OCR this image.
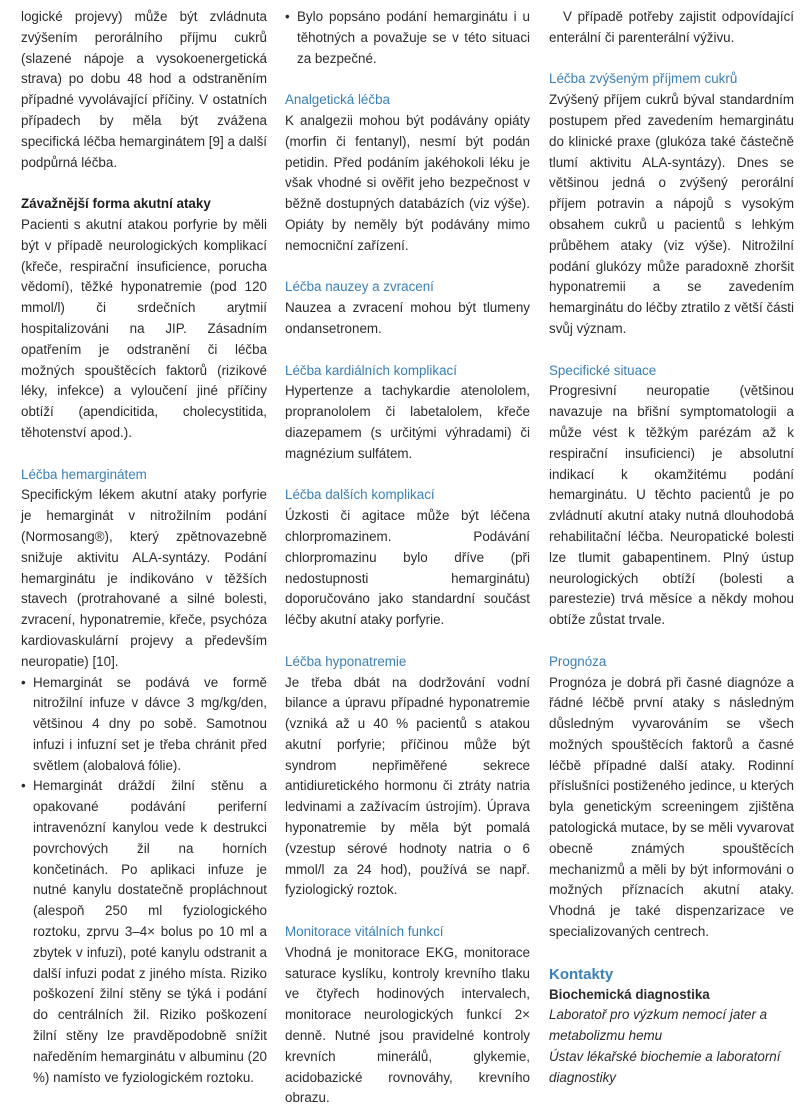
logické projevy) může být zvládnuta zvýšením perorálního příjmu cukrů (slazené nápoje a vysokoenergetická strava) po dobu 48 hod a odstraněním případné vyvolávající příčiny. V ostatních případech by měla být zvážena specifická léčba hemarginátem [9] a další podpůrná léčba.

Závažnější forma akutní ataky

Pacienti s akutní atakou porfyrie by měli být v případě neurologických komplikací (křeče, respirační insuficience, porucha vědomí), těžké hyponatremie (pod 120 mmol/l) či srdečních arytmií hospitalizováni na JIP. Zásadním opatřením je odstranění či léčba možných spouštěcích faktorů (rizikové léky, infekce) a vyloučení jiné příčiny obtíží (apendicitida, cholecystitida, těhotenství apod.).

Léčba hemarginátem

Specifickým lékem akutní ataky porfyrie je hemarginát v nitrožilním podání (Normosang®), který zpětnovazebně snižuje aktivitu ALA-syntázy. Podání hemarginátu je indikováno v těžších stavech (protrahované a silné bolesti, zvracení, hyponatremie, křeče, psychóza kardiovaskulární projevy a především neuropatie) [10].

• Hemarginát se podává ve formě nitrožilní infuze v dávce 3 mg/kg/den, většinou 4 dny po sobě. Samotnou infuzi i infuzní set je třeba chránit před světlem (alobalová fólie).
• Hemarginát dráždí žilní stěnu a opakované podávání periferní intravenózní kanylou vede k destrukci povrchových žil na horních končetinách. Po aplikaci infuze je nutné kanylu dostatečně propláchnout (alespoň 250 ml fyziologického roztoku, zprvu 3–4× bolus po 10 ml a zbytek v infuzi), poté kanylu odstranit a další infuzi podat z jiného místa. Riziko poškození žilní stěny se týká i podání do centrálních žil. Riziko poškození žilní stěny lze pravděpodobně snížit naředěním hemarginátu v albuminu (20 %) namísto ve fyziologickém roztoku.
• Bylo popsáno podání hemarginátu i u těhotných a považuje se v této situaci za bezpečné.

Analgetická léčba

K analgezii mohou být podávány opiáty (morfin či fentanyl), nesmí být podán petidin. Před podáním jakéhokoli léku je však vhodné si ověřit jeho bezpečnost v běžně dostupných databázích (viz výše). Opiáty by neměly být podávány mimo nemocniční zařízení.

Léčba nauzey a zvracení

Nauzea a zvracení mohou být tlumeny ondansetronem.

Léčba kardiálních komplikací

Hypertenze a tachykardie atenololem, propranololem či labetalolem, křeče diazepamem (s určitými výhradami) či magnézium sulfátem.

Léčba dalších komplikací

Úzkosti či agitace může být léčena chlorpromazinem. Podávání chlorpromazinu bylo dříve (při nedostupnosti hemarginátu) doporučováno jako standardní součást léčby akutní ataky porfyrie.

Léčba hyponatremie

Je třeba dbát na dodržování vodní bilance a úpravu případné hyponatremie (vzniká až u 40 % pacientů s atakou akutní porfyrie; příčinou může být syndrom nepřiměřené sekrece antidiuretického hormonu či ztráty natria ledvinami a zažívacím ústrojím). Úprava hyponatremie by měla být pomalá (vzestup sérové hodnoty natria o 6 mmol/l za 24 hod), používá se např. fyziologický roztok.

Monitorace vitálních funkcí

Vhodná je monitorace EKG, monitorace saturace kyslíku, kontroly krevního tlaku ve čtyřech hodinových intervalech, monitorace neurologických funkcí 2× denně. Nutné jsou pravidelné kontroly krevních minerálů, glykemie, acidobazické rovnováhy, krevního obrazu.

V případě potřeby zajistit odpovídající enterální či parenterální výživu.

Léčba zvýšeným příjmem cukrů

Zvýšený příjem cukrů býval standardním postupem před zavedením hemarginátu do klinické praxe (glukóza také částečně tlumí aktivitu ALA-syntázy). Dnes se většinou jedná o zvýšený perorální příjem potravin a nápojů s vysokým obsahem cukrů u pacientů s lehkým průběhem ataky (viz výše). Nitrožilní podání glukózy může paradoxně zhoršit hyponatremii a se zavedením hemarginátu do léčby ztratilo z větší části svůj význam.

Specifické situace

Progresivní neuropatie (většinou navazuje na břišní symptomatologii a může vést k těžkým parézám až k respirační insuficienci) je absolutní indikací k okamžitému podání hemarginátu. U těchto pacientů je po zvládnutí akutní ataky nutná dlouhodobá rehabilitační léčba. Neuropatické bolesti lze tlumit gabapentinem. Plný ústup neurologických obtíží (bolesti a parestezie) trvá měsíce a někdy mohou obtíže zůstat trvale.

Prognóza

Prognóza je dobrá při časné diagnóze a řádné léčbě první ataky s následným důsledným vyvarováním se všech možných spouštěcích faktorů a časné léčbě případné další ataky. Rodinní příslušníci postiženého jedince, u kterých byla genetickým screeningem zjištěna patologická mutace, by se měli vyvarovat obecně známých spouštěcích mechanizmů a měli by být informováni o možných příznacích akutní ataky. Vhodná je také dispenzarizace ve specializovaných centrech.

Kontakty

Biochemická diagnostika

Laboratoř pro výzkum nemocí jater a metabolizmu hemu

Ústav lékařské biochemie a laboratorní diagnostiky
